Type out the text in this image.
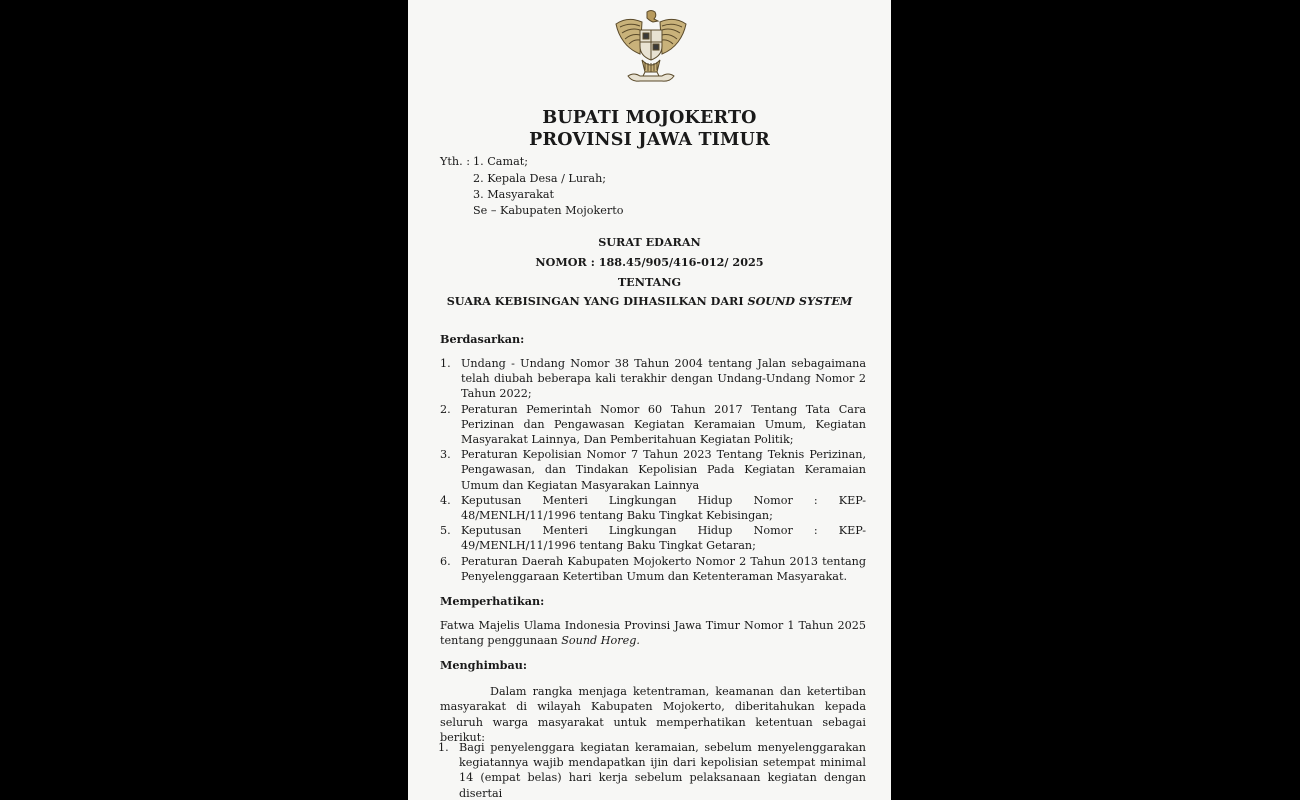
BUPATI MOJOKERTO
PROVINSI JAWA TIMUR
Yth. : 1. Camat;
2. Kepala Desa / Lurah;
3. Masyarakat
Se – Kabupaten Mojokerto
SURAT EDARAN
NOMOR : 188.45/905/416-012/ 2025
TENTANG
SUARA KEBISINGAN YANG DIHASILKAN DARI SOUND SYSTEM
Berdasarkan:
1. Undang - Undang Nomor 38 Tahun 2004 tentang Jalan sebagaimana telah diubah beberapa kali terakhir dengan Undang-Undang Nomor 2 Tahun 2022;
2. Peraturan Pemerintah Nomor 60 Tahun 2017 Tentang Tata Cara Perizinan dan Pengawasan Kegiatan Keramaian Umum, Kegiatan Masyarakat Lainnya, Dan Pemberitahuan Kegiatan Politik;
3. Peraturan Kepolisian Nomor 7 Tahun 2023 Tentang Teknis Perizinan, Pengawasan, dan Tindakan Kepolisian Pada Kegiatan Keramaian Umum dan Kegiatan Masyarakan Lainnya
4. Keputusan Menteri Lingkungan Hidup Nomor : KEP-48/MENLH/11/1996 tentang Baku Tingkat Kebisingan;
5. Keputusan Menteri Lingkungan Hidup Nomor : KEP-49/MENLH/11/1996 tentang Baku Tingkat Getaran;
6. Peraturan Daerah Kabupaten Mojokerto Nomor 2 Tahun 2013 tentang Penyelenggaraan Ketertiban Umum dan Ketenteraman Masyarakat.
Memperhatikan:
Fatwa Majelis Ulama Indonesia Provinsi Jawa Timur Nomor 1 Tahun 2025 tentang penggunaan Sound Horeg.
Menghimbau:
Dalam rangka menjaga ketentraman, keamanan dan ketertiban masyarakat di wilayah Kabupaten Mojokerto, diberitahukan kepada seluruh warga masyarakat untuk memperhatikan ketentuan sebagai berikut:
1. Bagi penyelenggara kegiatan keramaian, sebelum menyelenggarakan kegiatannya wajib mendapatkan ijin dari kepolisian setempat minimal 14 (empat belas) hari kerja sebelum pelaksanaan kegiatan dengan disertai
